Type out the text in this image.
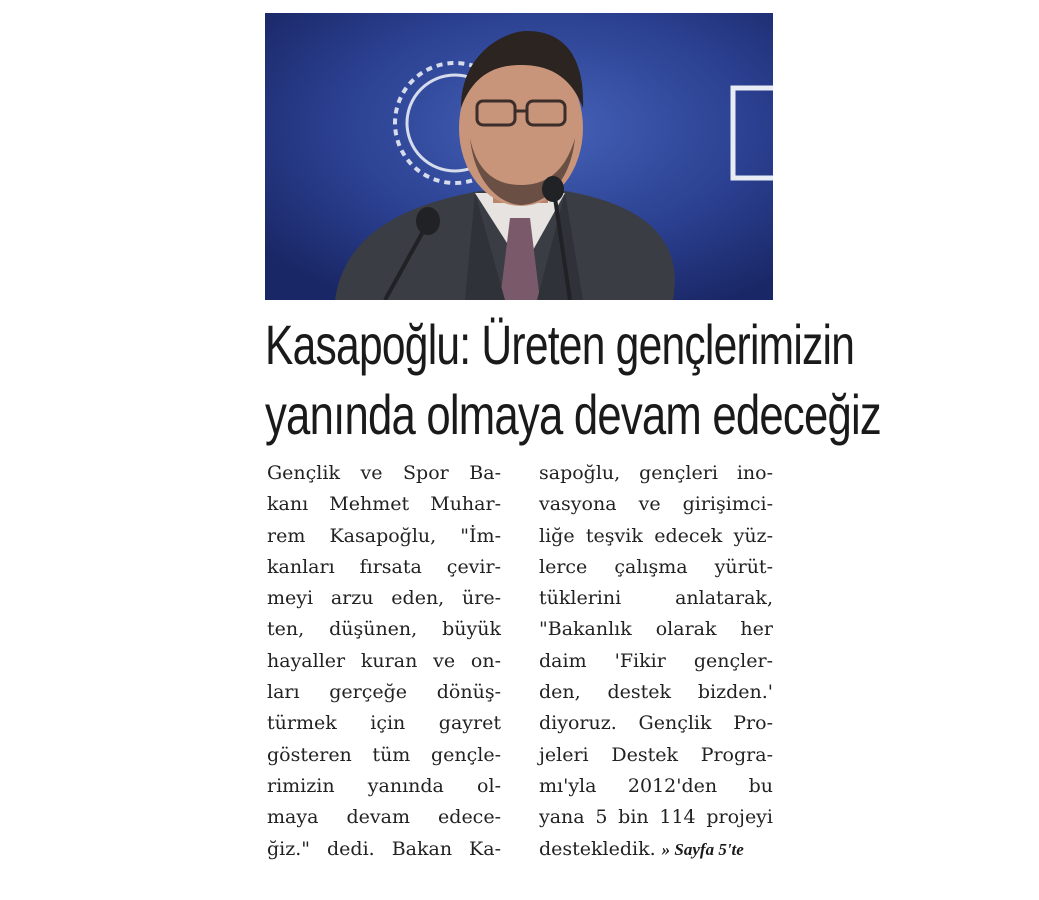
Kasapoğlu: Üreten gençlerimizin
yanında olmaya devam edeceğiz
Gençlik ve Spor Ba-
kanı Mehmet Muhar-
rem Kasapoğlu, "İm-
kanları fırsata çevir-
meyi arzu eden, üre-
ten, düşünen, büyük
hayaller kuran ve on-
ları gerçeğe dönüş-
türmek için gayret
gösteren tüm gençle-
rimizin yanında ol-
maya devam edece-
ğiz." dedi. Bakan Ka-
sapoğlu, gençleri ino-
vasyona ve girişimci-
liğe teşvik edecek yüz-
lerce çalışma yürüt-
tüklerini anlatarak,
"Bakanlık olarak her
daim 'Fikir gençler-
den, destek bizden.'
diyoruz. Gençlik Pro-
jeleri Destek Progra-
mı'yla 2012'den bu
yana 5 bin 114 projeyi
destekledik. » Sayfa 5'te
